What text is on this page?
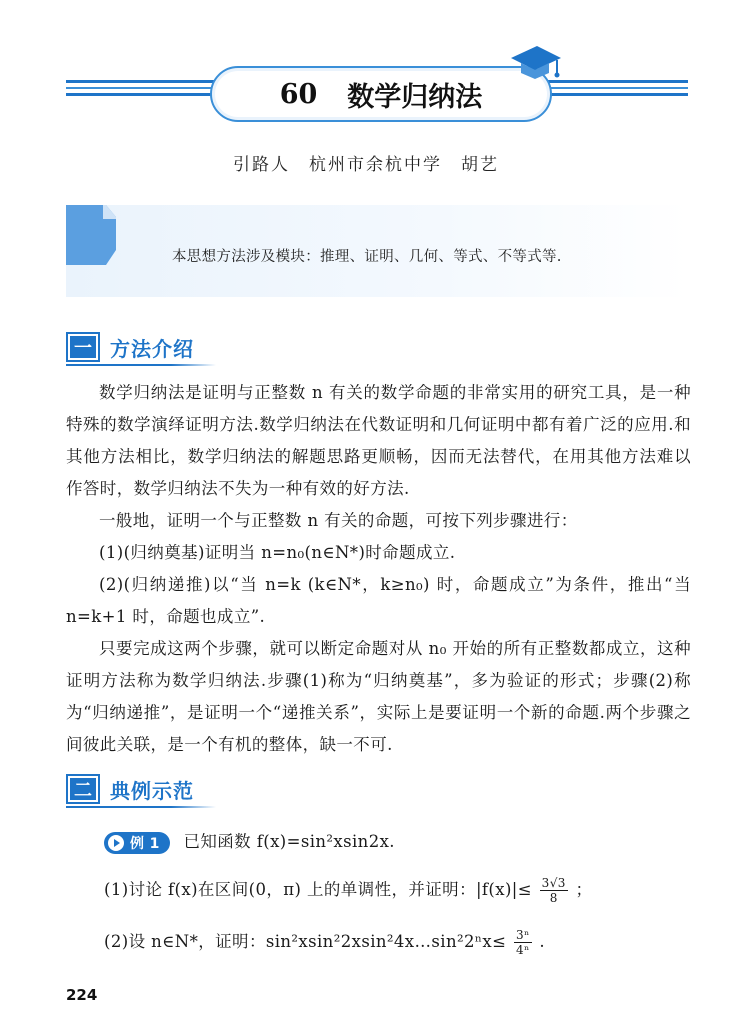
60 数学归纳法
引路人　杭州市余杭中学　胡艺
本思想方法涉及模块：推理、证明、几何、等式、不等式等.
一 方法介绍

数学归纳法是证明与正整数 n 有关的数学命题的非常实用的研究工具，是一种特殊的数学演绎证明方法.数学归纳法在代数证明和几何证明中都有着广泛的应用.和其他方法相比，数学归纳法的解题思路更顺畅，因而无法替代，在用其他方法难以作答时，数学归纳法不失为一种有效的好方法.

一般地，证明一个与正整数 n 有关的命题，可按下列步骤进行：

(1)(归纳奠基)证明当 n=n₀(n∈N*)时命题成立.

(2)(归纳递推)以“当 n=k (k∈N*，k≥n₀) 时，命题成立”为条件，推出“当 n=k+1 时，命题也成立”.

只要完成这两个步骤，就可以断定命题对从 n₀ 开始的所有正整数都成立，这种证明方法称为数学归纳法.步骤(1)称为“归纳奠基”，多为验证的形式；步骤(2)称为“归纳递推”，是证明一个“递推关系”，实际上是要证明一个新的命题.两个步骤之间彼此关联，是一个有机的整体，缺一不可.

二 典例示范
例 1 已知函数 f(x)=sin²xsin2x.
(1)讨论 f(x)在区间(0，π) 上的单调性，并证明：$|f(x)|\le \frac{3√3}{8}$ ；
(2)设 n∈N*，证明：sin²xsin²2xsin²4x…sin²2ⁿx≤ $\frac{\text{3ⁿ}}{\text{4ⁿ}}$ .
224
